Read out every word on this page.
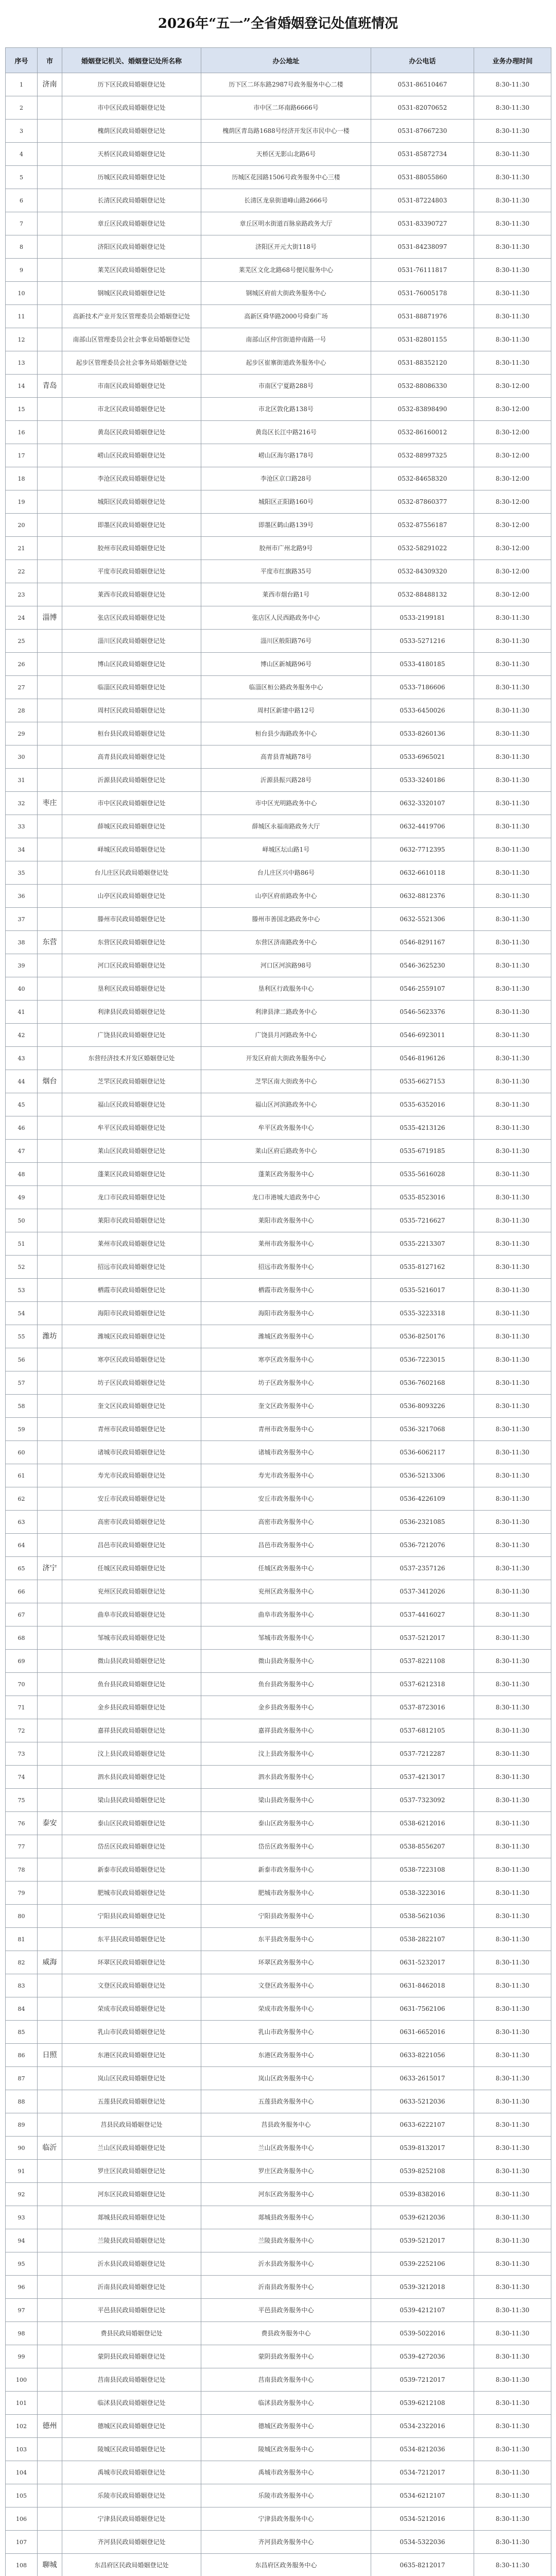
2026年“五一”全省婚姻登记处值班情况
序号	市	婚姻登记机关、婚姻登记处所名称	办公地址	办公电话	业务办理时间
1	济南	历下区民政局婚姻登记处	历下区二环东路2987号政务服务中心二楼	0531-86510467	8:30-11:30
2		市中区民政局婚姻登记处	市中区二环南路6666号	0531-82070652	8:30-11:30
3		槐荫区民政局婚姻登记处	槐荫区青岛路1688号经济开发区市民中心一楼	0531-87667230	8:30-11:30
4		天桥区民政局婚姻登记处	天桥区无影山北路6号	0531-85872734	8:30-11:30
5		历城区民政局婚姻登记处	历城区花园路1506号政务服务中心三楼	0531-88055860	8:30-11:30
6		长清区民政局婚姻登记处	长清区龙泉街道峰山路2666号	0531-87224803	8:30-11:30
7		章丘区民政局婚姻登记处	章丘区明水街道百脉泉路政务大厅	0531-83390727	8:30-11:30
8		济阳区民政局婚姻登记处	济阳区开元大街118号	0531-84238097	8:30-11:30
9		莱芜区民政局婚姻登记处	莱芜区文化北路68号便民服务中心	0531-76111817	8:30-11:30
10		钢城区民政局婚姻登记处	钢城区府前大街政务服务中心	0531-76005178	8:30-11:30
11		高新技术产业开发区管理委员会婚姻登记处	高新区舜华路2000号舜泰广场	0531-88871976	8:30-11:30
12		南部山区管理委员会社会事业局婚姻登记处	南部山区仲宫街道仲南路一号	0531-82801155	8:30-11:30
13		起步区管理委员会社会事务局婚姻登记处	起步区崔寨街道政务服务中心	0531-88352120	8:30-11:30
14	青岛	市南区民政局婚姻登记处	市南区宁夏路288号	0532-88086330	8:30-12:00
15		市北区民政局婚姻登记处	市北区敦化路138号	0532-83898490	8:30-12:00
16		黄岛区民政局婚姻登记处	黄岛区长江中路216号	0532-86160012	8:30-12:00
17		崂山区民政局婚姻登记处	崂山区海尔路178号	0532-88997325	8:30-12:00
18		李沧区民政局婚姻登记处	李沧区京口路28号	0532-84658320	8:30-12:00
19		城阳区民政局婚姻登记处	城阳区正阳路160号	0532-87860377	8:30-12:00
20		即墨区民政局婚姻登记处	即墨区鹤山路139号	0532-87556187	8:30-12:00
21		胶州市民政局婚姻登记处	胶州市广州北路9号	0532-58291022	8:30-12:00
22		平度市民政局婚姻登记处	平度市红旗路35号	0532-84309320	8:30-12:00
23		莱西市民政局婚姻登记处	莱西市烟台路1号	0532-88488132	8:30-12:00
24	淄博	张店区民政局婚姻登记处	张店区人民西路政务中心	0533-2199181	8:30-11:30
25		淄川区民政局婚姻登记处	淄川区般阳路76号	0533-5271216	8:30-11:30
26		博山区民政局婚姻登记处	博山区新城路96号	0533-4180185	8:30-11:30
27		临淄区民政局婚姻登记处	临淄区桓公路政务服务中心	0533-7186606	8:30-11:30
28		周村区民政局婚姻登记处	周村区新建中路12号	0533-6450026	8:30-11:30
29		桓台县民政局婚姻登记处	桓台县少海路政务中心	0533-8260136	8:30-11:30
30		高青县民政局婚姻登记处	高青县青城路78号	0533-6965021	8:30-11:30
31		沂源县民政局婚姻登记处	沂源县振兴路28号	0533-3240186	8:30-11:30
32	枣庄	市中区民政局婚姻登记处	市中区光明路政务中心	0632-3320107	8:30-11:30
33		薛城区民政局婚姻登记处	薛城区永福南路政务大厅	0632-4419706	8:30-11:30
34		峄城区民政局婚姻登记处	峄城区坛山路1号	0632-7712395	8:30-11:30
35		台儿庄区民政局婚姻登记处	台儿庄区兴中路86号	0632-6610118	8:30-11:30
36		山亭区民政局婚姻登记处	山亭区府前路政务中心	0632-8812376	8:30-11:30
37		滕州市民政局婚姻登记处	滕州市善国北路政务中心	0632-5521306	8:30-11:30
38	东营	东营区民政局婚姻登记处	东营区济南路政务中心	0546-8291167	8:30-11:30
39		河口区民政局婚姻登记处	河口区河滨路98号	0546-3625230	8:30-11:30
40		垦利区民政局婚姻登记处	垦利区行政服务中心	0546-2559107	8:30-11:30
41		利津县民政局婚姻登记处	利津县津二路政务中心	0546-5623376	8:30-11:30
42		广饶县民政局婚姻登记处	广饶县月河路政务中心	0546-6923011	8:30-11:30
43		东营经济技术开发区婚姻登记处	开发区府前大街政务服务中心	0546-8196126	8:30-11:30
44	烟台	芝罘区民政局婚姻登记处	芝罘区南大街政务中心	0535-6627153	8:30-11:30
45		福山区民政局婚姻登记处	福山区河滨路政务中心	0535-6352016	8:30-11:30
46		牟平区民政局婚姻登记处	牟平区政务服务中心	0535-4213126	8:30-11:30
47		莱山区民政局婚姻登记处	莱山区府后路政务中心	0535-6719185	8:30-11:30
48		蓬莱区民政局婚姻登记处	蓬莱区政务服务中心	0535-5616028	8:30-11:30
49		龙口市民政局婚姻登记处	龙口市港城大道政务中心	0535-8523016	8:30-11:30
50		莱阳市民政局婚姻登记处	莱阳市政务服务中心	0535-7216627	8:30-11:30
51		莱州市民政局婚姻登记处	莱州市政务服务中心	0535-2213307	8:30-11:30
52		招远市民政局婚姻登记处	招远市政务服务中心	0535-8127162	8:30-11:30
53		栖霞市民政局婚姻登记处	栖霞市政务服务中心	0535-5216017	8:30-11:30
54		海阳市民政局婚姻登记处	海阳市政务服务中心	0535-3223318	8:30-11:30
55	潍坊	潍城区民政局婚姻登记处	潍城区政务服务中心	0536-8250176	8:30-11:30
56		寒亭区民政局婚姻登记处	寒亭区政务服务中心	0536-7223015	8:30-11:30
57		坊子区民政局婚姻登记处	坊子区政务服务中心	0536-7602168	8:30-11:30
58		奎文区民政局婚姻登记处	奎文区政务服务中心	0536-8093226	8:30-11:30
59		青州市民政局婚姻登记处	青州市政务服务中心	0536-3217068	8:30-11:30
60		诸城市民政局婚姻登记处	诸城市政务服务中心	0536-6062117	8:30-11:30
61		寿光市民政局婚姻登记处	寿光市政务服务中心	0536-5213306	8:30-11:30
62		安丘市民政局婚姻登记处	安丘市政务服务中心	0536-4226109	8:30-11:30
63		高密市民政局婚姻登记处	高密市政务服务中心	0536-2321085	8:30-11:30
64		昌邑市民政局婚姻登记处	昌邑市政务服务中心	0536-7212076	8:30-11:30
65	济宁	任城区民政局婚姻登记处	任城区政务服务中心	0537-2357126	8:30-11:30
66		兖州区民政局婚姻登记处	兖州区政务服务中心	0537-3412026	8:30-11:30
67		曲阜市民政局婚姻登记处	曲阜市政务服务中心	0537-4416027	8:30-11:30
68		邹城市民政局婚姻登记处	邹城市政务服务中心	0537-5212017	8:30-11:30
69		微山县民政局婚姻登记处	微山县政务服务中心	0537-8221108	8:30-11:30
70		鱼台县民政局婚姻登记处	鱼台县政务服务中心	0537-6212318	8:30-11:30
71		金乡县民政局婚姻登记处	金乡县政务服务中心	0537-8723016	8:30-11:30
72		嘉祥县民政局婚姻登记处	嘉祥县政务服务中心	0537-6812105	8:30-11:30
73		汶上县民政局婚姻登记处	汶上县政务服务中心	0537-7212287	8:30-11:30
74		泗水县民政局婚姻登记处	泗水县政务服务中心	0537-4213017	8:30-11:30
75		梁山县民政局婚姻登记处	梁山县政务服务中心	0537-7323092	8:30-11:30
76	泰安	泰山区民政局婚姻登记处	泰山区政务服务中心	0538-6212016	8:30-11:30
77		岱岳区民政局婚姻登记处	岱岳区政务服务中心	0538-8556207	8:30-11:30
78		新泰市民政局婚姻登记处	新泰市政务服务中心	0538-7223108	8:30-11:30
79		肥城市民政局婚姻登记处	肥城市政务服务中心	0538-3223016	8:30-11:30
80		宁阳县民政局婚姻登记处	宁阳县政务服务中心	0538-5621036	8:30-11:30
81		东平县民政局婚姻登记处	东平县政务服务中心	0538-2822107	8:30-11:30
82	威海	环翠区民政局婚姻登记处	环翠区政务服务中心	0631-5232017	8:30-11:30
83		文登区民政局婚姻登记处	文登区政务服务中心	0631-8462018	8:30-11:30
84		荣成市民政局婚姻登记处	荣成市政务服务中心	0631-7562106	8:30-11:30
85		乳山市民政局婚姻登记处	乳山市政务服务中心	0631-6652016	8:30-11:30
86	日照	东港区民政局婚姻登记处	东港区政务服务中心	0633-8221056	8:30-11:30
87		岚山区民政局婚姻登记处	岚山区政务服务中心	0633-2615017	8:30-11:30
88		五莲县民政局婚姻登记处	五莲县政务服务中心	0633-5212036	8:30-11:30
89		莒县民政局婚姻登记处	莒县政务服务中心	0633-6222107	8:30-11:30
90	临沂	兰山区民政局婚姻登记处	兰山区政务服务中心	0539-8132017	8:30-11:30
91		罗庄区民政局婚姻登记处	罗庄区政务服务中心	0539-8252108	8:30-11:30
92		河东区民政局婚姻登记处	河东区政务服务中心	0539-8382016	8:30-11:30
93		郯城县民政局婚姻登记处	郯城县政务服务中心	0539-6212036	8:30-11:30
94		兰陵县民政局婚姻登记处	兰陵县政务服务中心	0539-5212017	8:30-11:30
95		沂水县民政局婚姻登记处	沂水县政务服务中心	0539-2252106	8:30-11:30
96		沂南县民政局婚姻登记处	沂南县政务服务中心	0539-3212018	8:30-11:30
97		平邑县民政局婚姻登记处	平邑县政务服务中心	0539-4212107	8:30-11:30
98		费县民政局婚姻登记处	费县政务服务中心	0539-5022016	8:30-11:30
99		蒙阴县民政局婚姻登记处	蒙阴县政务服务中心	0539-4272036	8:30-11:30
100		莒南县民政局婚姻登记处	莒南县政务服务中心	0539-7212017	8:30-11:30
101		临沭县民政局婚姻登记处	临沭县政务服务中心	0539-6212108	8:30-11:30
102	德州	德城区民政局婚姻登记处	德城区政务服务中心	0534-2322016	8:30-11:30
103		陵城区民政局婚姻登记处	陵城区政务服务中心	0534-8212036	8:30-11:30
104		禹城市民政局婚姻登记处	禹城市政务服务中心	0534-7212017	8:30-11:30
105		乐陵市民政局婚姻登记处	乐陵市政务服务中心	0534-6212107	8:30-11:30
106		宁津县民政局婚姻登记处	宁津县政务服务中心	0534-5212016	8:30-11:30
107		齐河县民政局婚姻登记处	齐河县政务服务中心	0534-5322036	8:30-11:30
108	聊城	东昌府区民政局婚姻登记处	东昌府区政务服务中心	0635-8212017	8:30-11:30
